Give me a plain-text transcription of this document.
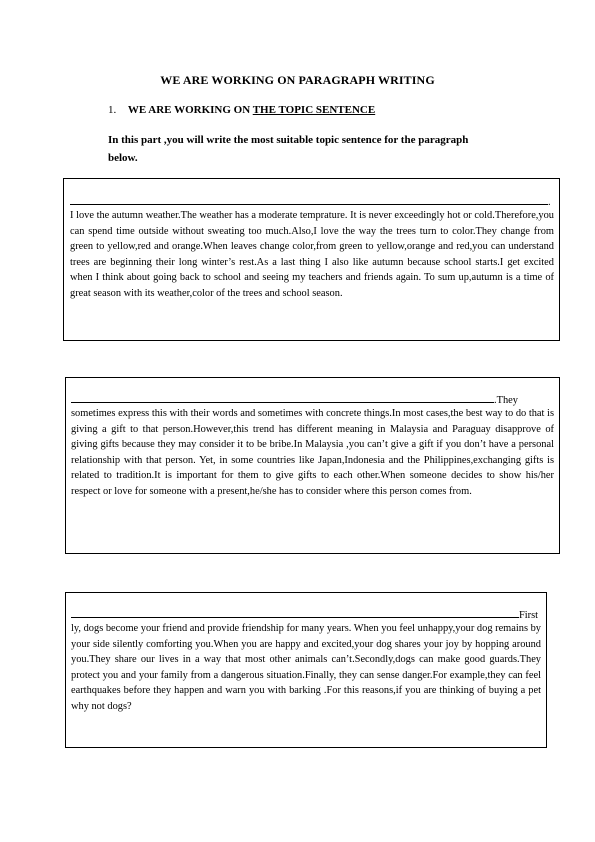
WE ARE WORKING ON PARAGRAPH WRITING
1. WE ARE WORKING ON THE TOPIC SENTENCE
In this part ,you will write the most suitable topic sentence for the paragraph
below.
.

I love the autumn weather.The weather has a moderate temprature. It is never exceedingly hot or cold.Therefore,you can spend time outside without sweating too much.Also,I love the way the trees turn to color.They change from green to yellow,red and orange.When leaves change color,from green to yellow,orange and red,you can understand trees are beginning their long winter’s rest.As a last thing I also like autumn because school starts.I get excited when I think about going back to school and seeing my teachers and friends again. To sum up,autumn is a time of great season with its weather,color of the trees and school season.

.They

sometimes express this with their words and sometimes with concrete things.In most cases,the best way to do that is giving a gift to that person.However,this trend has different meaning in Malaysia and Paraguay disapprove of giving gifts because they may consider it to be bribe.In Malaysia ,you can’t give a gift if you don’t have a personal relationship with that person. Yet, in some countries like Japan,Indonesia and the Philippines,exchanging gifts is related to tradition.It is important for them to give gifts to each other.When someone decides to show his/her respect or love for someone with a present,he/she has to consider where this person comes from.

First

ly, dogs become your friend and provide friendship for many years. When you feel unhappy,your dog remains by your side silently comforting you.When you are happy and excited,your dog shares your joy by hopping around you.They share our lives in a way that most other animals can’t.Secondly,dogs can make good guards.They protect you and your family from a dangerous situation.Finally, they can sense danger.For example,they can feel earthquakes before they happen and warn you with barking .For this reasons,if you are thinking of buying a pet why not dogs?
